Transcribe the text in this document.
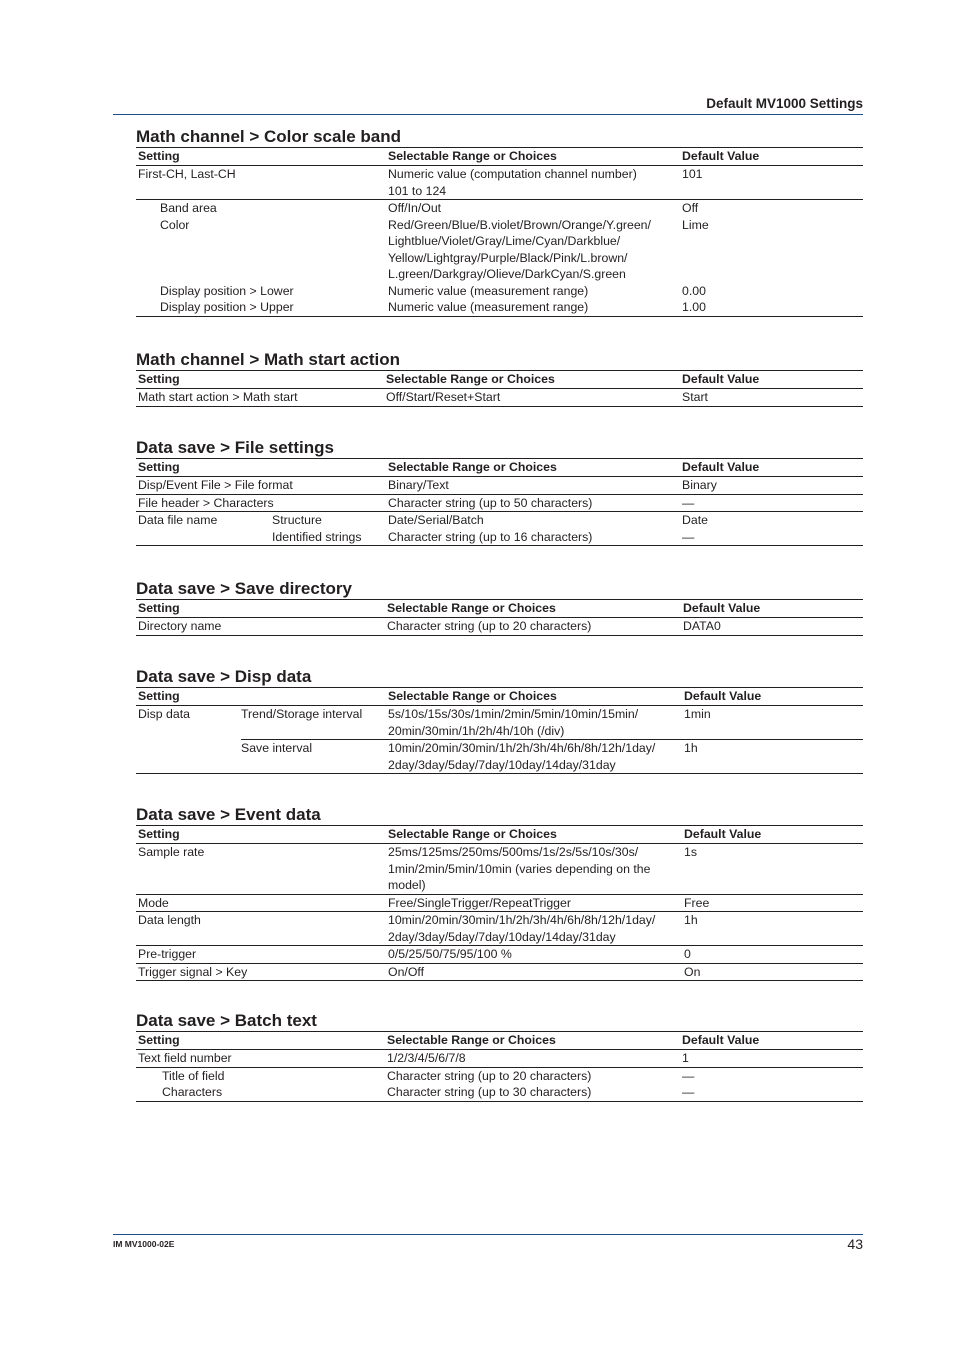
Default MV1000 Settings
Math channel > Color scale band
Setting	Selectable Range or Choices	Default Value
First-CH, Last-CH	Numeric value (computation channel number)
101 to 124	101
Band area	Off/In/Out	Off
Color	Red/Green/Blue/B.violet/Brown/Orange/Y.green/
Lightblue/Violet/Gray/Lime/Cyan/Darkblue/
Yellow/Lightgray/Purple/Black/Pink/L.brown/
L.green/Darkgray/Olieve/DarkCyan/S.green	Lime
Display position > Lower	Numeric value (measurement range)	0.00
Display position > Upper	Numeric value (measurement range)	1.00
Math channel > Math start action
Setting	Selectable Range or Choices	Default Value
Math start action > Math start	Off/Start/Reset+Start	Start
Data save > File settings
Setting		Selectable Range or Choices	Default Value
Disp/Event File > File format		Binary/Text	Binary
File header > Characters		Character string (up to 50 characters)	—
Data file name	Structure	Date/Serial/Batch	Date
	Identified strings	Character string (up to 16 characters)	—
Data save > Save directory
Setting	Selectable Range or Choices	Default Value
Directory name	Character string (up to 20 characters)	DATA0
Data save > Disp data
Setting		Selectable Range or Choices	Default Value
Disp data	Trend/Storage interval	5s/10s/15s/30s/1min/2min/5min/10min/15min/
20min/30min/1h/2h/4h/10h (/div)	1min
	Save interval	10min/20min/30min/1h/2h/3h/4h/6h/8h/12h/1day/
2day/3day/5day/7day/10day/14day/31day	1h
Data save > Event data
Setting	Selectable Range or Choices	Default Value
Sample rate	25ms/125ms/250ms/500ms/1s/2s/5s/10s/30s/
1min/2min/5min/10min (varies depending on the
model)	1s
Mode	Free/SingleTrigger/RepeatTrigger	Free
Data length	10min/20min/30min/1h/2h/3h/4h/6h/8h/12h/1day/
2day/3day/5day/7day/10day/14day/31day	1h
Pre-trigger	0/5/25/50/75/95/100 %	0
Trigger signal > Key	On/Off	On
Data save > Batch text
Setting	Selectable Range or Choices	Default Value
Text field number	1/2/3/4/5/6/7/8	1
Title of field	Character string (up to 20 characters)	—
Characters	Character string (up to 30 characters)	—
IM MV1000-02E	43
